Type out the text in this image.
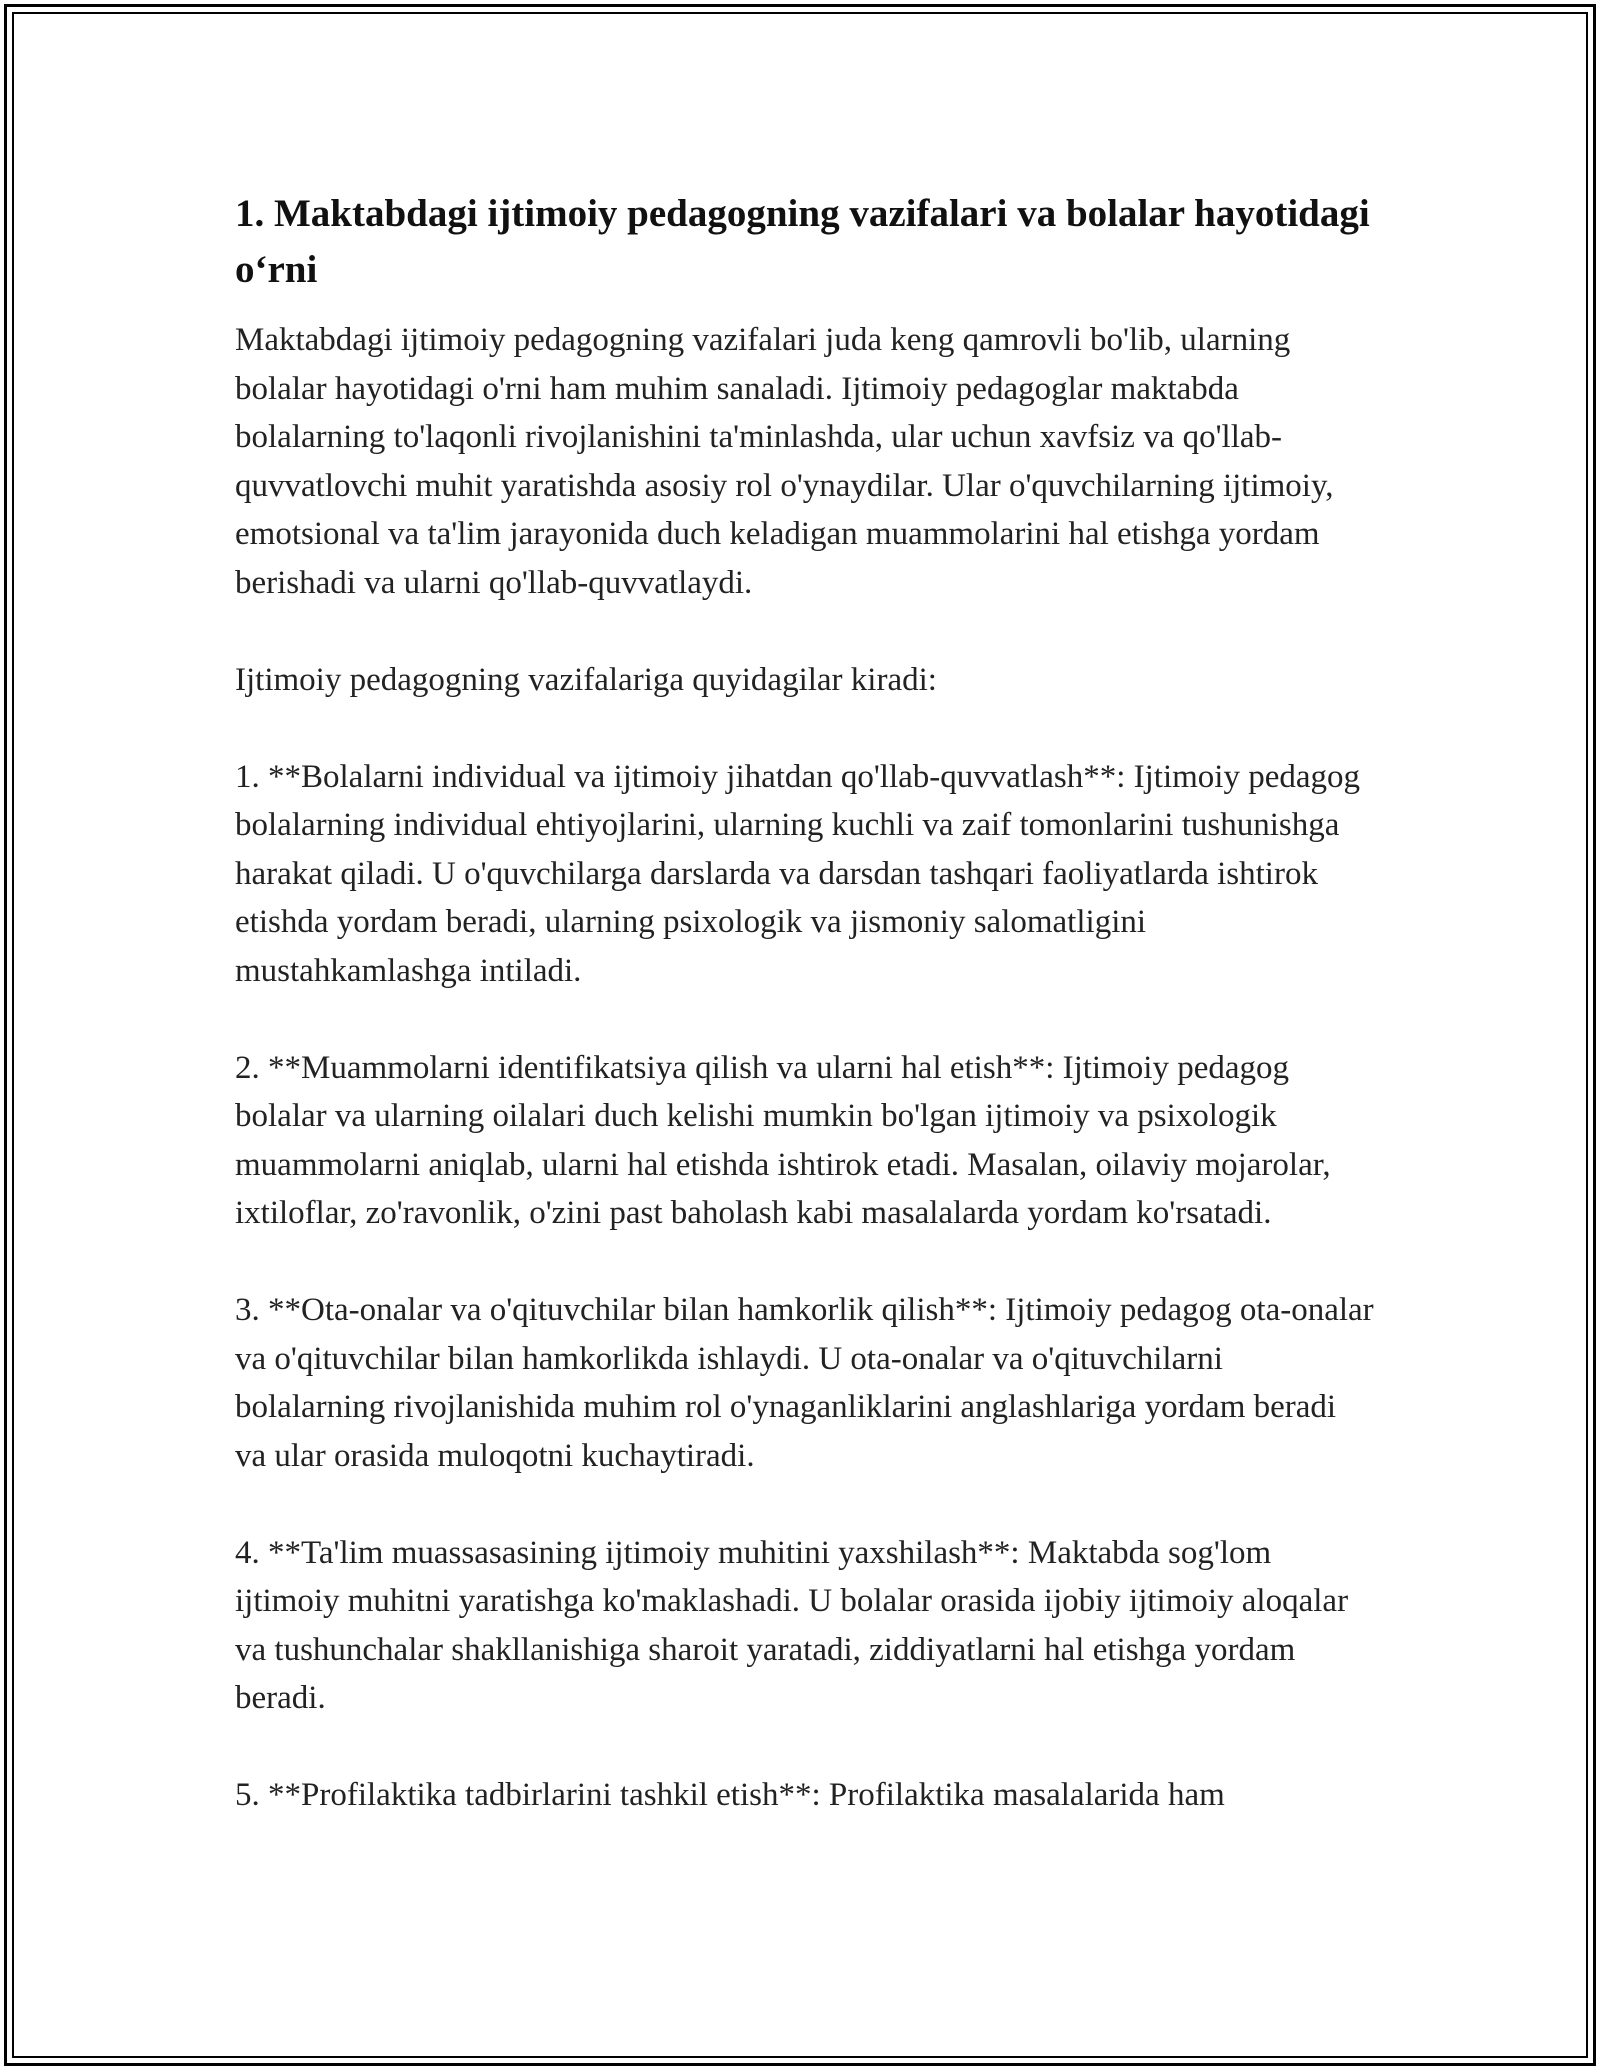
1. Maktabdagi ijtimoiy pedagogning vazifalari va bolalar hayotidagi o‘rni

Maktabdagi ijtimoiy pedagogning vazifalari juda keng qamrovli bo'lib, ularning bolalar hayotidagi o'rni ham muhim sanaladi. Ijtimoiy pedagoglar maktabda bolalarning to'laqonli rivojlanishini ta'minlashda, ular uchun xavfsiz va qo'llab-quvvatlovchi muhit yaratishda asosiy rol o'ynaydilar. Ular o'quvchilarning ijtimoiy, emotsional va ta'lim jarayonida duch keladigan muammolarini hal etishga yordam berishadi va ularni qo'llab-quvvatlaydi.

Ijtimoiy pedagogning vazifalariga quyidagilar kiradi:

1. **Bolalarni individual va ijtimoiy jihatdan qo'llab-quvvatlash**: Ijtimoiy pedagog bolalarning individual ehtiyojlarini, ularning kuchli va zaif tomonlarini tushunishga harakat qiladi. U o'quvchilarga darslarda va darsdan tashqari faoliyatlarda ishtirok etishda yordam beradi, ularning psixologik va jismoniy salomatligini mustahkamlashga intiladi.

2. **Muammolarni identifikatsiya qilish va ularni hal etish**: Ijtimoiy pedagog bolalar va ularning oilalari duch kelishi mumkin bo'lgan ijtimoiy va psixologik muammolarni aniqlab, ularni hal etishda ishtirok etadi. Masalan, oilaviy mojarolar, ixtiloflar, zo'ravonlik, o'zini past baholash kabi masalalarda yordam ko'rsatadi.

3. **Ota-onalar va o'qituvchilar bilan hamkorlik qilish**: Ijtimoiy pedagog ota-onalar va o'qituvchilar bilan hamkorlikda ishlaydi. U ota-onalar va o'qituvchilarni bolalarning rivojlanishida muhim rol o'ynaganliklarini anglashlariga yordam beradi va ular orasida muloqotni kuchaytiradi.

4. **Ta'lim muassasasining ijtimoiy muhitini yaxshilash**: Maktabda sog'lom ijtimoiy muhitni yaratishga ko'maklashadi. U bolalar orasida ijobiy ijtimoiy aloqalar va tushunchalar shakllanishiga sharoit yaratadi, ziddiyatlarni hal etishga yordam beradi.

5. **Profilaktika tadbirlarini tashkil etish**: Profilaktika masalalarida ham
